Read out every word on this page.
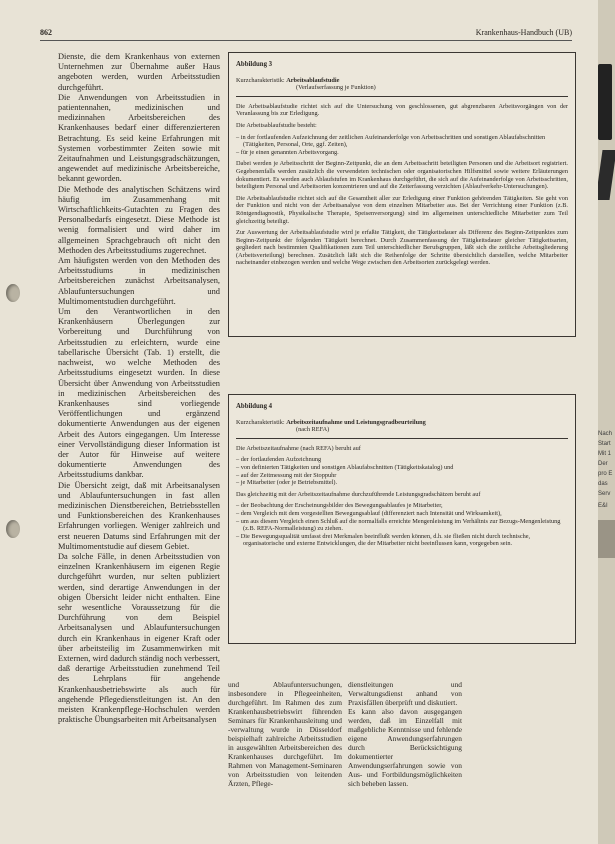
862	Krankenhaus-Handbuch (UB)

Dienste, die dem Krankenhaus von externen Unternehmen zur Übernahme außer Haus angeboten werden, wurden Arbeitsstudien durchgeführt.

Die Anwendungen von Arbeitsstudien in patientennahen, medizinischen und medizinnahen Arbeitsbereichen des Krankenhauses bedarf einer differenzierteren Betrachtung. Es seid keine Erfahrungen mit Systemen vorbestimmter Zeiten sowie mit Zeitaufnahmen und Leistungsgradschätzungen, angewendet auf medizinische Arbeitsbereiche, bekannt geworden.

Die Methode des analytischen Schätzens wird häufig im Zusammenhang mit Wirtschaftlichkeits-Gutachten zu Fragen des Personalbedarfs eingesetzt. Diese Methode ist wenig formalisiert und wird daher im allgemeinen Sprachgebrauch oft nicht den Methoden des Arbeitsstudiums zugerechnet.

Am häufigsten werden von den Methoden des Arbeitsstudiums in medizinischen Arbeitsbereichen zunächst Arbeitsanalysen, Ablaufuntersuchungen und Multimomentstudien durchgeführt.

Um den Verantwortlichen in den Krankenhäusern Überlegungen zur Vorbereitung und Durchführung von Arbeitsstudien zu erleichtern, wurde eine tabellarische Übersicht (Tab. 1) erstellt, die nachweist, wo welche Methoden des Arbeitsstudiums eingesetzt wurden. In diese Übersicht über Anwendung von Arbeitsstudien in medizinischen Arbeitsbereichen des Krankenhauses sind vorliegende Veröffentlichungen und ergänzend dokumentierte Anwendungen aus der eigenen Arbeit des Autors eingegangen. Um Interesse einer Vervollständigung dieser Information ist der Autor für Hinweise auf weitere dokumentierte Anwendungen des Arbeitsstudiums dankbar.

Die Übersicht zeigt, daß mit Arbeitsanalysen und Ablaufuntersuchungen in fast allen medizinischen Dienstbereichen, Betriebsstellen und Funktionsbereichen des Krankenhauses Erfahrungen vorliegen. Weniger zahlreich und erst neueren Datums sind Erfahrungen mit der Multimomentstudie auf diesem Gebiet.

Da solche Fälle, in denen Arbeitsstudien von einzelnen Krankenhäusern im eigenen Regie durchgeführt wurden, nur selten publiziert werden, sind derartige Anwendungen in der obigen Übersicht leider nicht enthalten. Eine sehr wesentliche Voraussetzung für die Durchführung von dem Beispiel Arbeitsanalysen und Ablaufuntersuchungen durch ein Krankenhaus in eigener Kraft oder über arbeitsteilig im Zusammenwirken mit Externen, wird dadurch ständig noch verbessert, daß derartige Arbeitsstudien zunehmend Teil des Lehrplans für angehende Krankenhausbetriebswirte als auch für angehende Pflegedienstleitungen ist. An den meisten Krankenpflege-Hochschulen werden praktische Übungsarbeiten mit Arbeitsanalysen

Abbildung 3

Kurzcharakteristik: Arbeitsablaufstudie
(Verlaufserfassung je Funktion)

Die Arbeitsablaufstudie richtet sich auf die Untersuchung von geschlossenen, gut abgrenzbaren Arbeitsvorgängen von der Veranlassung bis zur Erledigung.

Die Arbeitsablaufstudie besteht:

– in der fortlaufenden Aufzeichnung der zeitlichen Aufeinanderfolge von Arbeitsschritten und sonstigen Ablaufabschnitten (Tätigkeiten, Personal, Orte, ggf. Zeiten),
– für je einen genannten Arbeitsvorgang.

Dabei werden je Arbeitsschritt der Beginn-Zeitpunkt, die an dem Arbeitsschritt beteiligten Personen und die Arbeitsort registriert. Gegebenenfalls werden zusätzlich die verwendeten technischen oder organisatorischen Hilfsmittel sowie weitere Erläuterungen dokumentiert. Es werden auch Ablaufstufen im Krankenhaus durchgeführt, die sich auf die Aufeinanderfolge von Arbeitsschritten, beteiligtem Personal und Arbeitsorten konzentrieren und auf die Zeiterfassung verzichten (Ablaufverkehr-Untersuchungen).

Die Arbeitsablaufstudie richtet sich auf die Gesamtheit aller zur Erledigung einer Funktion gehörenden Tätigkeiten. Sie geht von der Funktion und nicht von der Arbeitsanalyse von dem einzelnen Mitarbeiter aus. Bei der Verrichtung einer Funktion (z.B. Röntgendiagnostik, Physikalische Therapie, Speisenversorgung) sind im allgemeinen unterschiedliche Mitarbeiter zum Teil gleichzeitig beteiligt.

Zur Auswertung der Arbeitsablaufstudie wird je erfaßte Tätigkeit, die Tätigkeitsdauer als Differenz des Beginn-Zeitpunktes zum Beginn-Zeitpunkt der folgenden Tätigkeit berechnet. Durch Zusammenfassung der Tätigkeitsdauer gleicher Tätigkeitsarten, gegliedert nach bestimmten Qualifikationen zum Teil unterschiedlicher Berufsgruppen, läßt sich die zeitliche Arbeitsgliederung (Arbeitsverteilung) berechnen. Zusätzlich läßt sich die Reihenfolge der Schritte übersichtlich darstellen, welche Mitarbeiter nacheinander einbezogen werden und welche Wege zwischen den Arbeitsorten zurückgelegt werden.

Abbildung 4

Kurzcharakteristik: Arbeitszeitaufnahme und Leistungsgradbeurteilung
(nach REFA)

Die Arbeitszeitaufnahme (nach REFA) beruht auf

– der fortlaufenden Aufzeichnung
– von definierten Tätigkeiten und sonstigen Ablaufabschnitten (Tätigkeitskatalog) und
– auf der Zeitmessung mit der Stoppuhr
– je Mitarbeiter (oder je Betriebsmittel).

Das gleichzeitig mit der Arbeitszeitaufnahme durchzuführende Leistungsgradschätzen beruht auf

– der Beobachtung der Erscheinungsbilder des Bewegungsablaufes je Mitarbeiter,
– dem Vergleich mit dem vorgestellten Bewegungsablauf (differenziert nach Intensität und Wirksamkeit),
– um aus diesem Vergleich einen Schluß auf die normalfalls erreichte Mengenleistung im Verhältnis zur Bezugs-Mengenleistung (z.B. REFA-Normalleistung) zu ziehen.
– Die Bewegungsqualität umfasst drei Merkmalen beeinflußt werden können, d.h. sie fließen nicht durch technische, organisatorische und externe Entwicklungen, die der Mitarbeiter nicht beeinflussen kann, vorgegeben sein.

und Ablaufuntersuchungen, insbesondere in Pflegeeinheiten, durchgeführt. Im Rahmen des zum Krankenhausbetriebswirt führenden Seminars für Krankenhausleitung und -verwaltung wurde in Düsseldorf beispielhaft zahlreiche Arbeitsstudien in ausgewählten Arbeitsbereichen des Krankenhauses durchgeführt. Im Rahmen von Management-Seminaren von Arbeitsstudien von leitenden Ärzten, Pflege-

dienstleitungen und Verwaltungsdienst anhand von Praxisfällen überprüft und diskutiert.

Es kann also davon ausgegangen werden, daß im Einzelfall mit maßgebliche Kenntnisse und fehlende eigene Anwendungserfahrungen durch Berücksichtigung dokumentierter Anwendungserfahrungen sowie von Aus- und Fortbildungsmöglichkeiten sich beheben lassen.

Nach
Start
Mit 1
Der
pro E
das
Serv
E&I
